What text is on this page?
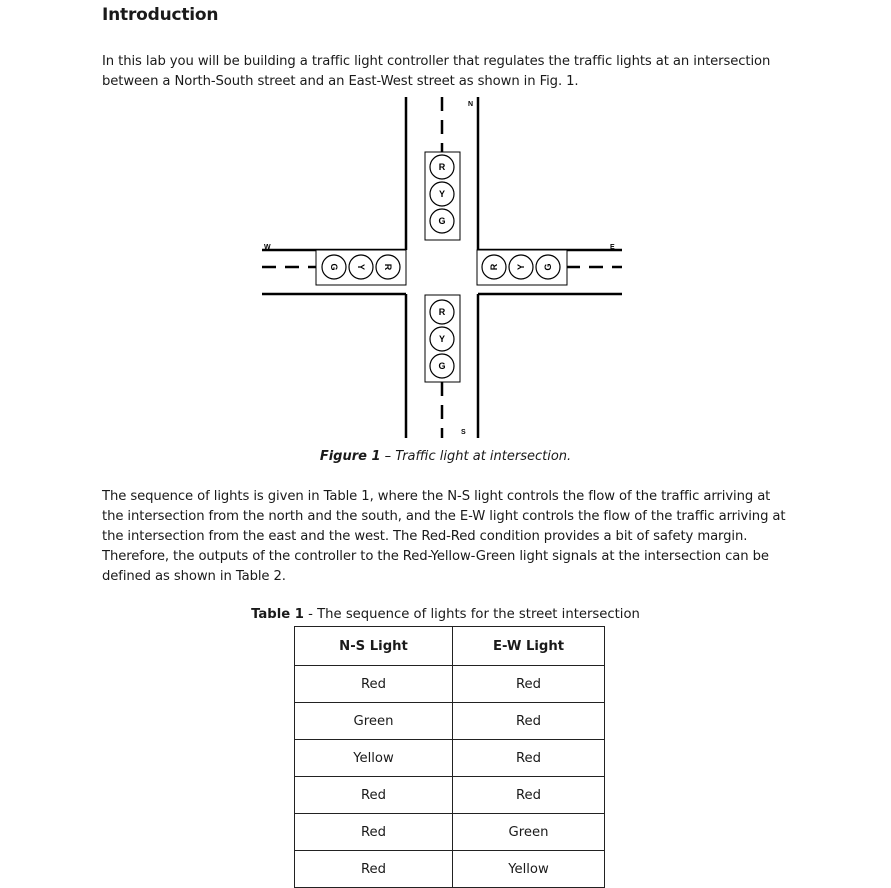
Introduction
In this lab you will be building a traffic light controller that regulates the traffic lights at an intersection
between a North-South street and an East-West street as shown in Fig. 1.
N
S
E
W
R
Y
G
R
Y
G
G Y R	R Y G
Figure 1 – Traffic light at intersection.
The sequence of lights is given in Table 1, where the N-S light controls the flow of the traffic arriving at
the intersection from the north and the south, and the E-W light controls the flow of the traffic arriving at
the intersection from the east and the west. The Red-Red condition provides a bit of safety margin.
Therefore, the outputs of the controller to the Red-Yellow-Green light signals at the intersection can be
defined as shown in Table 2.
Table 1 - The sequence of lights for the street intersection
N-S Light	E-W Light
Red	Red
Green	Red
Yellow	Red
Red	Red
Red	Green
Red	Yellow
